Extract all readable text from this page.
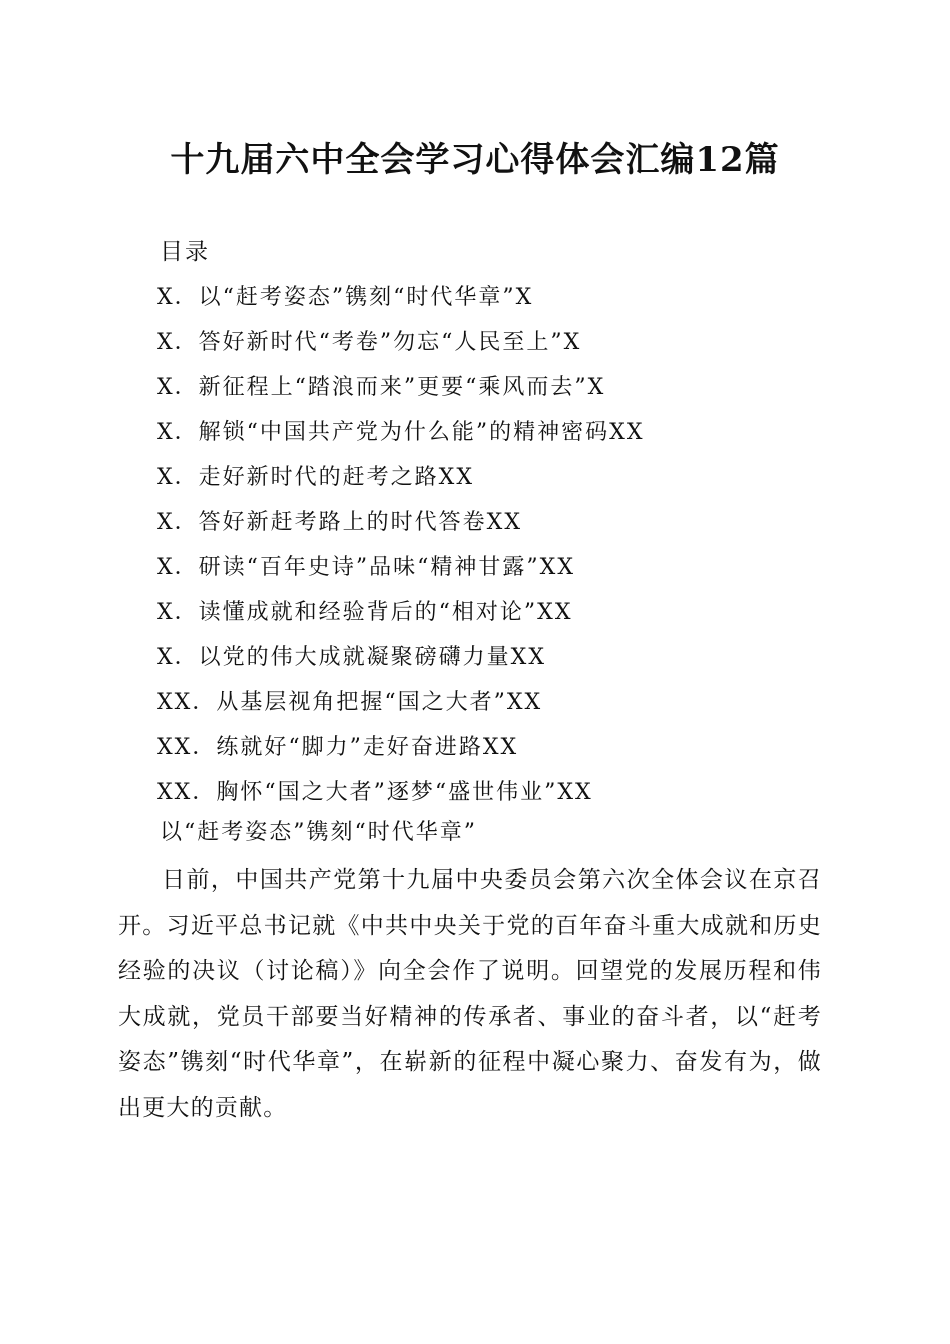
十九届六中全会学习心得体会汇编12篇
目录
X．以“赶考姿态”镌刻“时代华章”X
X．答好新时代“考卷”勿忘“人民至上”X
X．新征程上“踏浪而来”更要“乘风而去”X
X．解锁“中国共产党为什么能”的精神密码XX
X．走好新时代的赶考之路XX
X．答好新赶考路上的时代答卷XX
X．研读“百年史诗”品味“精神甘露”XX
X．读懂成就和经验背后的“相对论”XX
X．以党的伟大成就凝聚磅礴力量XX
XX．从基层视角把握“国之大者”XX
XX．练就好“脚力”走好奋进路XX
XX．胸怀“国之大者”逐梦“盛世伟业”XX
以“赶考姿态”镌刻“时代华章”

日前，中国共产党第十九届中央委员会第六次全体会议在京召开。习近平总书记就《中共中央关于党的百年奋斗重大成就和历史经验的决议（讨论稿）》向全会作了说明。回望党的发展历程和伟大成就，党员干部要当好精神的传承者、事业的奋斗者，以“赶考姿态”镌刻“时代华章”，在崭新的征程中凝心聚力、奋发有为，做出更大的贡献。
